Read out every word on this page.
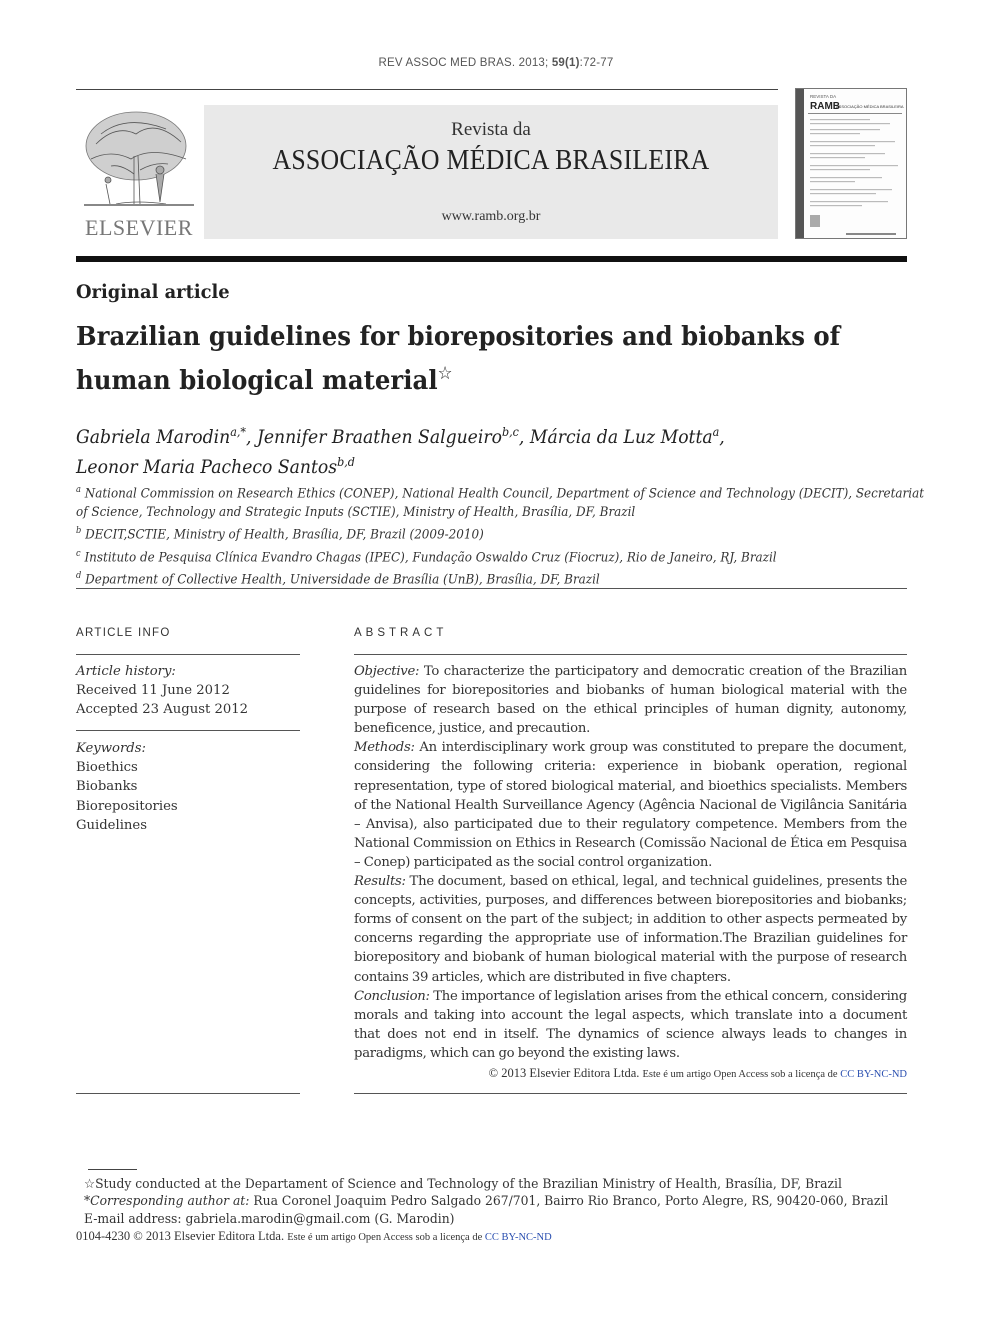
REV ASSOC MED BRAS. 2013; 59(1):72-77
ELSEVIER
Revista da
ASSOCIAÇÃO MÉDICA BRASILEIRA
www.ramb.org.br
REVISTA DA
RAMB
ASSOCIAÇÃO MÉDICA BRASILEIRA
Original article
Brazilian guidelines for biorepositories and biobanks of
human biological material☆
Gabriela Marodin$^{a,*}$, Jennifer Braathen Salgueiro$^{b,c}$, Márcia da Luz Motta$^a$,
Leonor Maria Pacheco Santos$^{b,d}$
$^a$ National Commission on Research Ethics (CONEP), National Health Council, Department of Science and Technology (DECIT), Secretariat
of Science, Technology and Strategic Inputs (SCTIE), Ministry of Health, Brasília, DF, Brazil
$^b$ DECIT,SCTIE, Ministry of Health, Brasília, DF, Brazil (2009-2010)
$^c$ Instituto de Pesquisa Clínica Evandro Chagas (IPEC), Fundação Oswaldo Cruz (Fiocruz), Rio de Janeiro, RJ, Brazil
$^d$ Department of Collective Health, Universidade de Brasília (UnB), Brasília, DF, Brazil
ARTICLE INFO	ABSTRACT
Article history:
Received 11 June 2012
Accepted 23 August 2012
Keywords:
Bioethics
Biobanks
Biorepositories
Guidelines

Objective: To characterize the participatory and democratic creation of the Brazilian guidelines for biorepositories and biobanks of human biological material with the purpose of research based on the ethical principles of human dignity, autonomy, beneficence, justice, and precaution.

Methods: An interdisciplinary work group was constituted to prepare the document, considering the following criteria: experience in biobank operation, regional representation, type of stored biological material, and bioethics specialists. Members of the National Health Surveillance Agency (Agência Nacional de Vigilância Sanitária – Anvisa), also participated due to their regulatory competence. Members from the National Commission on Ethics in Research (Comissão Nacional de Ética em Pesquisa – Conep) participated as the social control organization.

Results: The document, based on ethical, legal, and technical guidelines, presents the concepts, activities, purposes, and differences between biorepositories and biobanks; forms of consent on the part of the subject; in addition to other aspects permeated by concerns regarding the appropriate use of information.The Brazilian guidelines for biorepository and biobank of human biological material with the purpose of research contains 39 articles, which are distributed in five chapters.

Conclusion: The importance of legislation arises from the ethical concern, considering morals and taking into account the legal aspects, which translate into a document that does not end in itself. The dynamics of science always leads to changes in paradigms, which can go beyond the existing laws.

© 2013 Elsevier Editora Ltda. Este é um artigo Open Access sob a licença de CC BY-NC-ND
☆Study conducted at the Departament of Science and Technology of the Brazilian Ministry of Health, Brasília, DF, Brazil
*Corresponding author at: Rua Coronel Joaquim Pedro Salgado 267/701, Bairro Rio Branco, Porto Alegre, RS, 90420-060, Brazil
E-mail address: gabriela.marodin@gmail.com (G. Marodin)
0104-4230 © 2013 Elsevier Editora Ltda. Este é um artigo Open Access sob a licença de CC BY-NC-ND
